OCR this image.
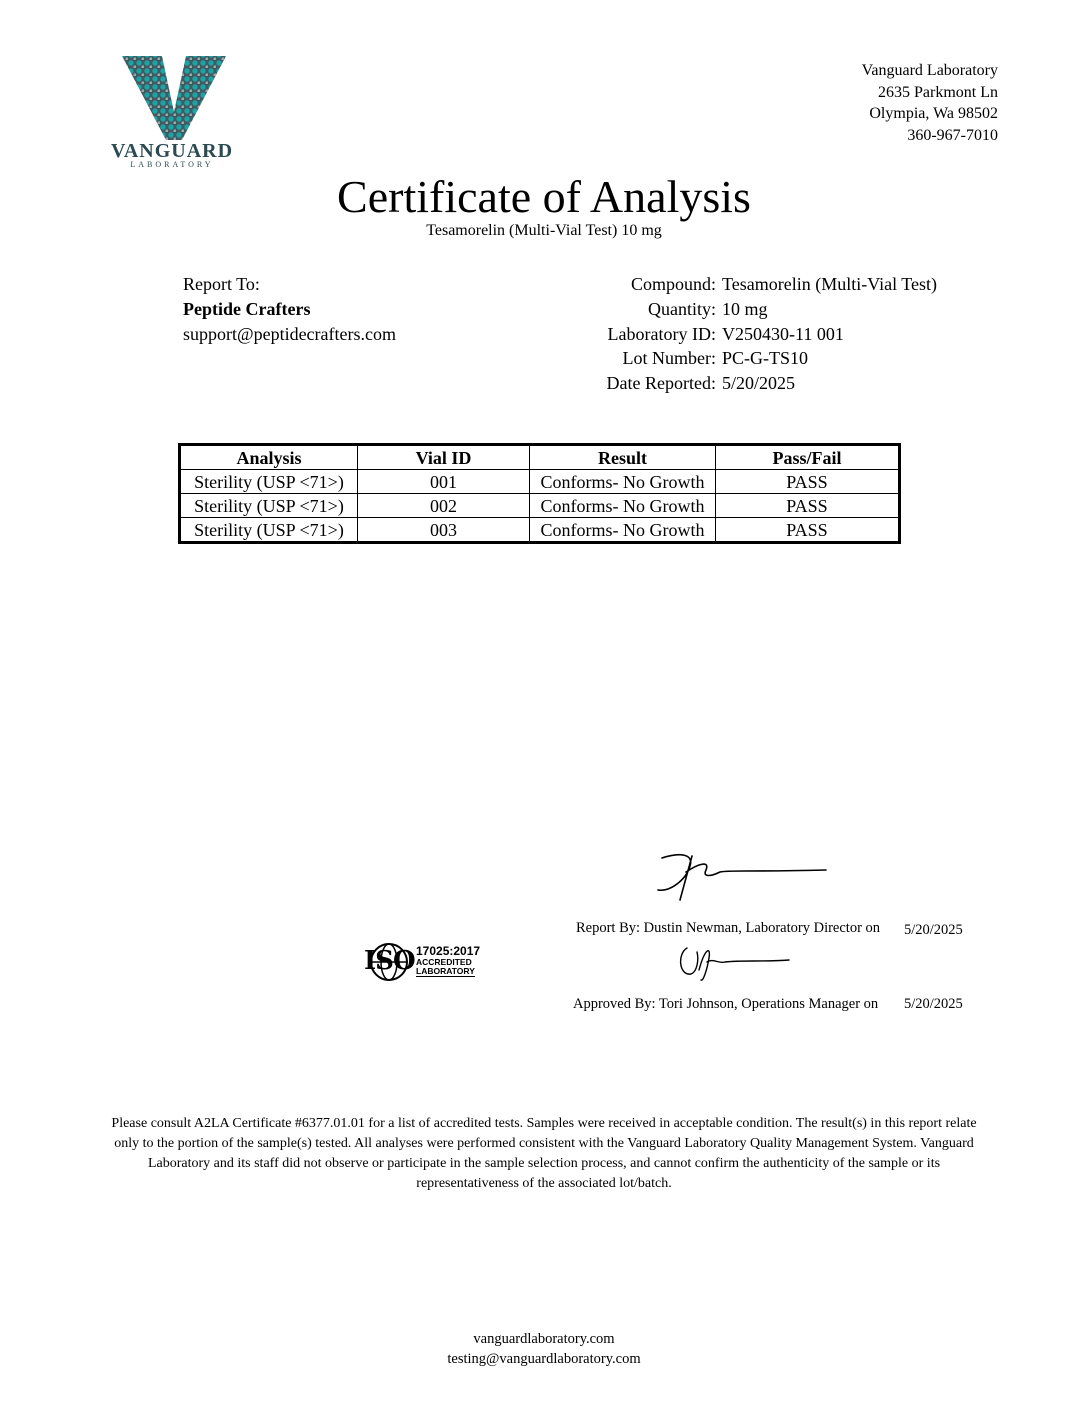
VANGUARD
LABORATORY
Vanguard Laboratory
2635 Parkmont Ln
Olympia, Wa 98502
360-967-7010
Certificate of Analysis
Tesamorelin (Multi-Vial Test) 10 mg
Report To:
Peptide Crafters
support@peptidecrafters.com
Compound: Tesamorelin (Multi-Vial Test)
Quantity: 10 mg
Laboratory ID: V250430-11 001
Lot Number: PC-G-TS10
Date Reported: 5/20/2025
Analysis	Vial ID	Result	Pass/Fail
Sterility (USP <71>)	001	Conforms- No Growth	PASS
Sterility (USP <71>)	002	Conforms- No Growth	PASS
Sterility (USP <71>)	003	Conforms- No Growth	PASS
Report By: Dustin Newman, Laboratory Director on 5/20/2025
ISO 17025:2017
ACCREDITED
LABORATORY
Approved By: Tori Johnson, Operations Manager on 5/20/2025
Please consult A2LA Certificate #6377.01.01 for a list of accredited tests. Samples were received in acceptable condition. The result(s) in this report relate only to the portion of the sample(s) tested. All analyses were performed consistent with the Vanguard Laboratory Quality Management System. Vanguard Laboratory and its staff did not observe or participate in the sample selection process, and cannot confirm the authenticity of the sample or its representativeness of the associated lot/batch.
vanguardlaboratory.com
testing@vanguardlaboratory.com
